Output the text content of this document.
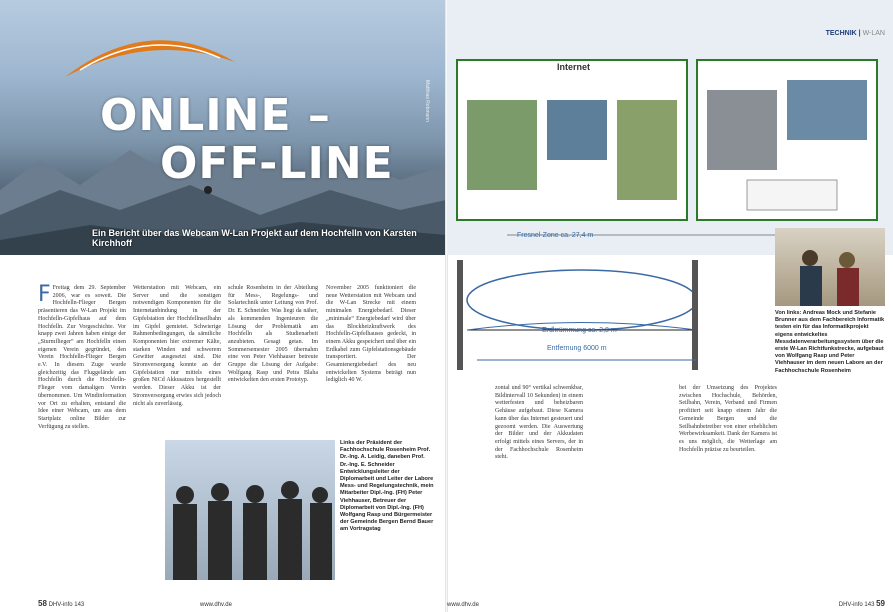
ONLINE –
OFF-LINE
Matthias Rebmann
Ein Bericht über das Webcam W-Lan Projekt auf dem Hochfelln von Karsten Kirchhoff
F Freitag dem 29. September 2006, war es soweit. Die Hochfelln-Flieger Bergen präsentieren das W-Lan Projekt im Hochfelln-Gipfelhaus auf dem Hochfelln. Zur Vorgeschichte. Vor knapp zwei Jahren haben einige der „Sturmflieger“ am Hochfelln einen eigenen Verein gegründet, den Verein Hochfelln-Flieger Bergen e.V. In diesem Zuge wurde gleichzeitig das Fluggelände am Hochfelln durch die Hochfelln-Flieger vom damaligen Verein übernommen. Um Windinformation vor Ort zu erhalten, entstand die Idee einer Webcam, um aus dem Startplatz online Bilder zur Verfügung zu stellen.

Wetterstation mit Webcam, ein Server und die sonstigen notwendigen Komponenten für die Internetanbindung in der Gipfelstation der Hochfellnseilbahn im Gipfel gemietet. Schwierige Rahmenbedingungen, da sämtliche Komponenten hier extremer Kälte, starken Winden und schwerem Gewitter ausgesetzt sind. Die Stromversorgung konnte an der Gipfelstation nur mittels eines großen NiCd Akkusatzes hergestellt werden. Dieser Akku ist der Stromversorgung erwies sich jedoch nicht als zuverlässig.

schule Rosenheim in der Abteilung für Mess-, Regelungs- und Solartechnik unter Leitung von Prof. Dr. E. Schneider. Was liegt da näher, als kommenden Ingenieuren die Lösung der Problematik am Hochfelln als Studienarbeit anzubieten. Gesagt getan. Im Sommersemester 2005 übernahm eine von Peter Viehhauser betreute Gruppe die Lösung der Aufgabe: Wolfgang Rasp und Petra Blaha entwickelten den ersten Prototyp.

November 2005 funktioniert die neue Wetterstation mit Webcam und die W-Lan Strecke mit einem minimalen Energiebedarf. Dieser „minimale“ Energiebedarf wird über das Blockheizkraftwerk des Hochfelln-Gipfelhauses gedeckt, in einem Akku gespeichert und über ein Erdkabel zum Gipfelstationsgebäude transportiert. Der Gesamtenergiebedarf des neu entwickelten Systems beträgt nun lediglich 40 W.

Links der Präsident der Fachhochschule Rosenheim Prof. Dr.-Ing. A. Leidig, daneben Prof. Dr.-Ing. E. Schneider Entwicklungsleiter der Diplomarbeit und Leiter der Labore Mess- und Regelungstechnik, mein Mitarbeiter Dipl.-Ing. (FH) Peter Viehhauser, Betreuer der Diplomarbeit von Dipl.-Ing. (FH) Wolfgang Rasp und Bürgermeister der Gemeinde Bergen Bernd Bauer am Vortragstag
58 DHV-info 143	www.dhv.de
Internet
TECHNIK | W-LAN
Fresnel-Zone ca. 27,4 m
Erdkrümmung ca. 2,8 m
Entfernung 6000 m
Von links: Andreas Mock und Stefanie Brunner aus dem Fachbereich Informatik testen ein für das Informatikprojekt eigens entwickeltes Messdatenverarbeitungssystem über die erste W-Lan Richtfunkstrecke, aufgebaut von Wolfgang Rasp und Peter Viehhauser im dem neuen Labore an der Fachhochschule Rosenheim

zontal und 90° vertikal schwenkbar, Bildintervall 10 Sekunden) in einem wetterfesten und beheizbaren Gehäuse aufgebaut. Diese Kamera kann über das Internet gesteuert und gezoomt werden. Die Auswertung der Bilder und der Akkudaten erfolgt mittels eines Servers, der in der Fachhochschule Rosenheim steht.

bei der Umsetzung des Projektes zwischen Hochschule, Behörden, Seilbahn, Verein, Verband und Firmen profitiert seit knapp einem Jahr die Gemeinde Bergen und die Seilbahnbetreiber von einer erheblichen Werbewirksamkeit. Dank der Kamera ist es uns möglich, die Wetterlage am Hochfelln präzise zu beurteilen.

www.dhv.de	DHV-info 143 59
